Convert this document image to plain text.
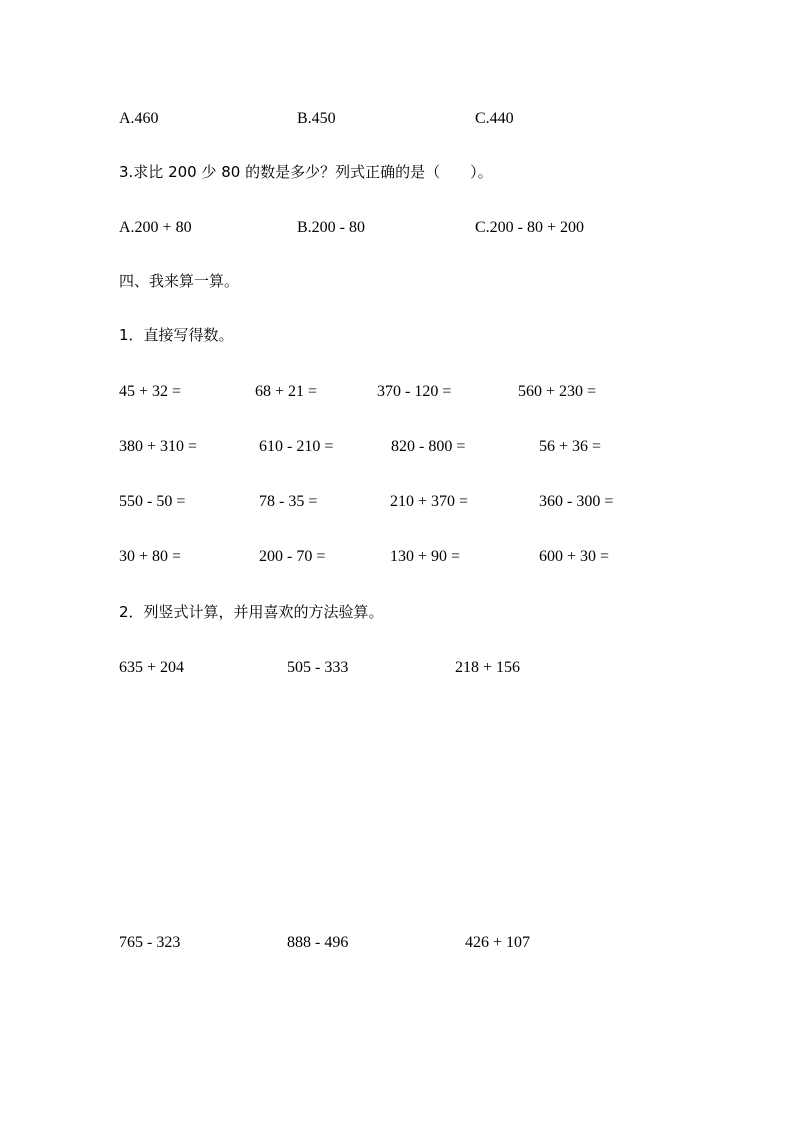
A.460	B.450	C.440
3.求比 200 少 80 的数是多少？列式正确的是（　　）。
A.200 + 80	B.200 - 80	C.200 - 80 + 200
四、我来算一算。
1．直接写得数。
45 + 32 =	68 + 21 =	370 - 120 =	560 + 230 =
380 + 310 =	610 - 210 =	820 - 800 =	56 + 36 =
550 - 50 =	78 - 35 =	210 + 370 =	360 - 300 =
30 + 80 =	200 - 70 =	130 + 90 =	600 + 30 =
2．列竖式计算，并用喜欢的方法验算。
635 + 204	505 - 333	218 + 156
765 - 323	888 - 496	426 + 107
